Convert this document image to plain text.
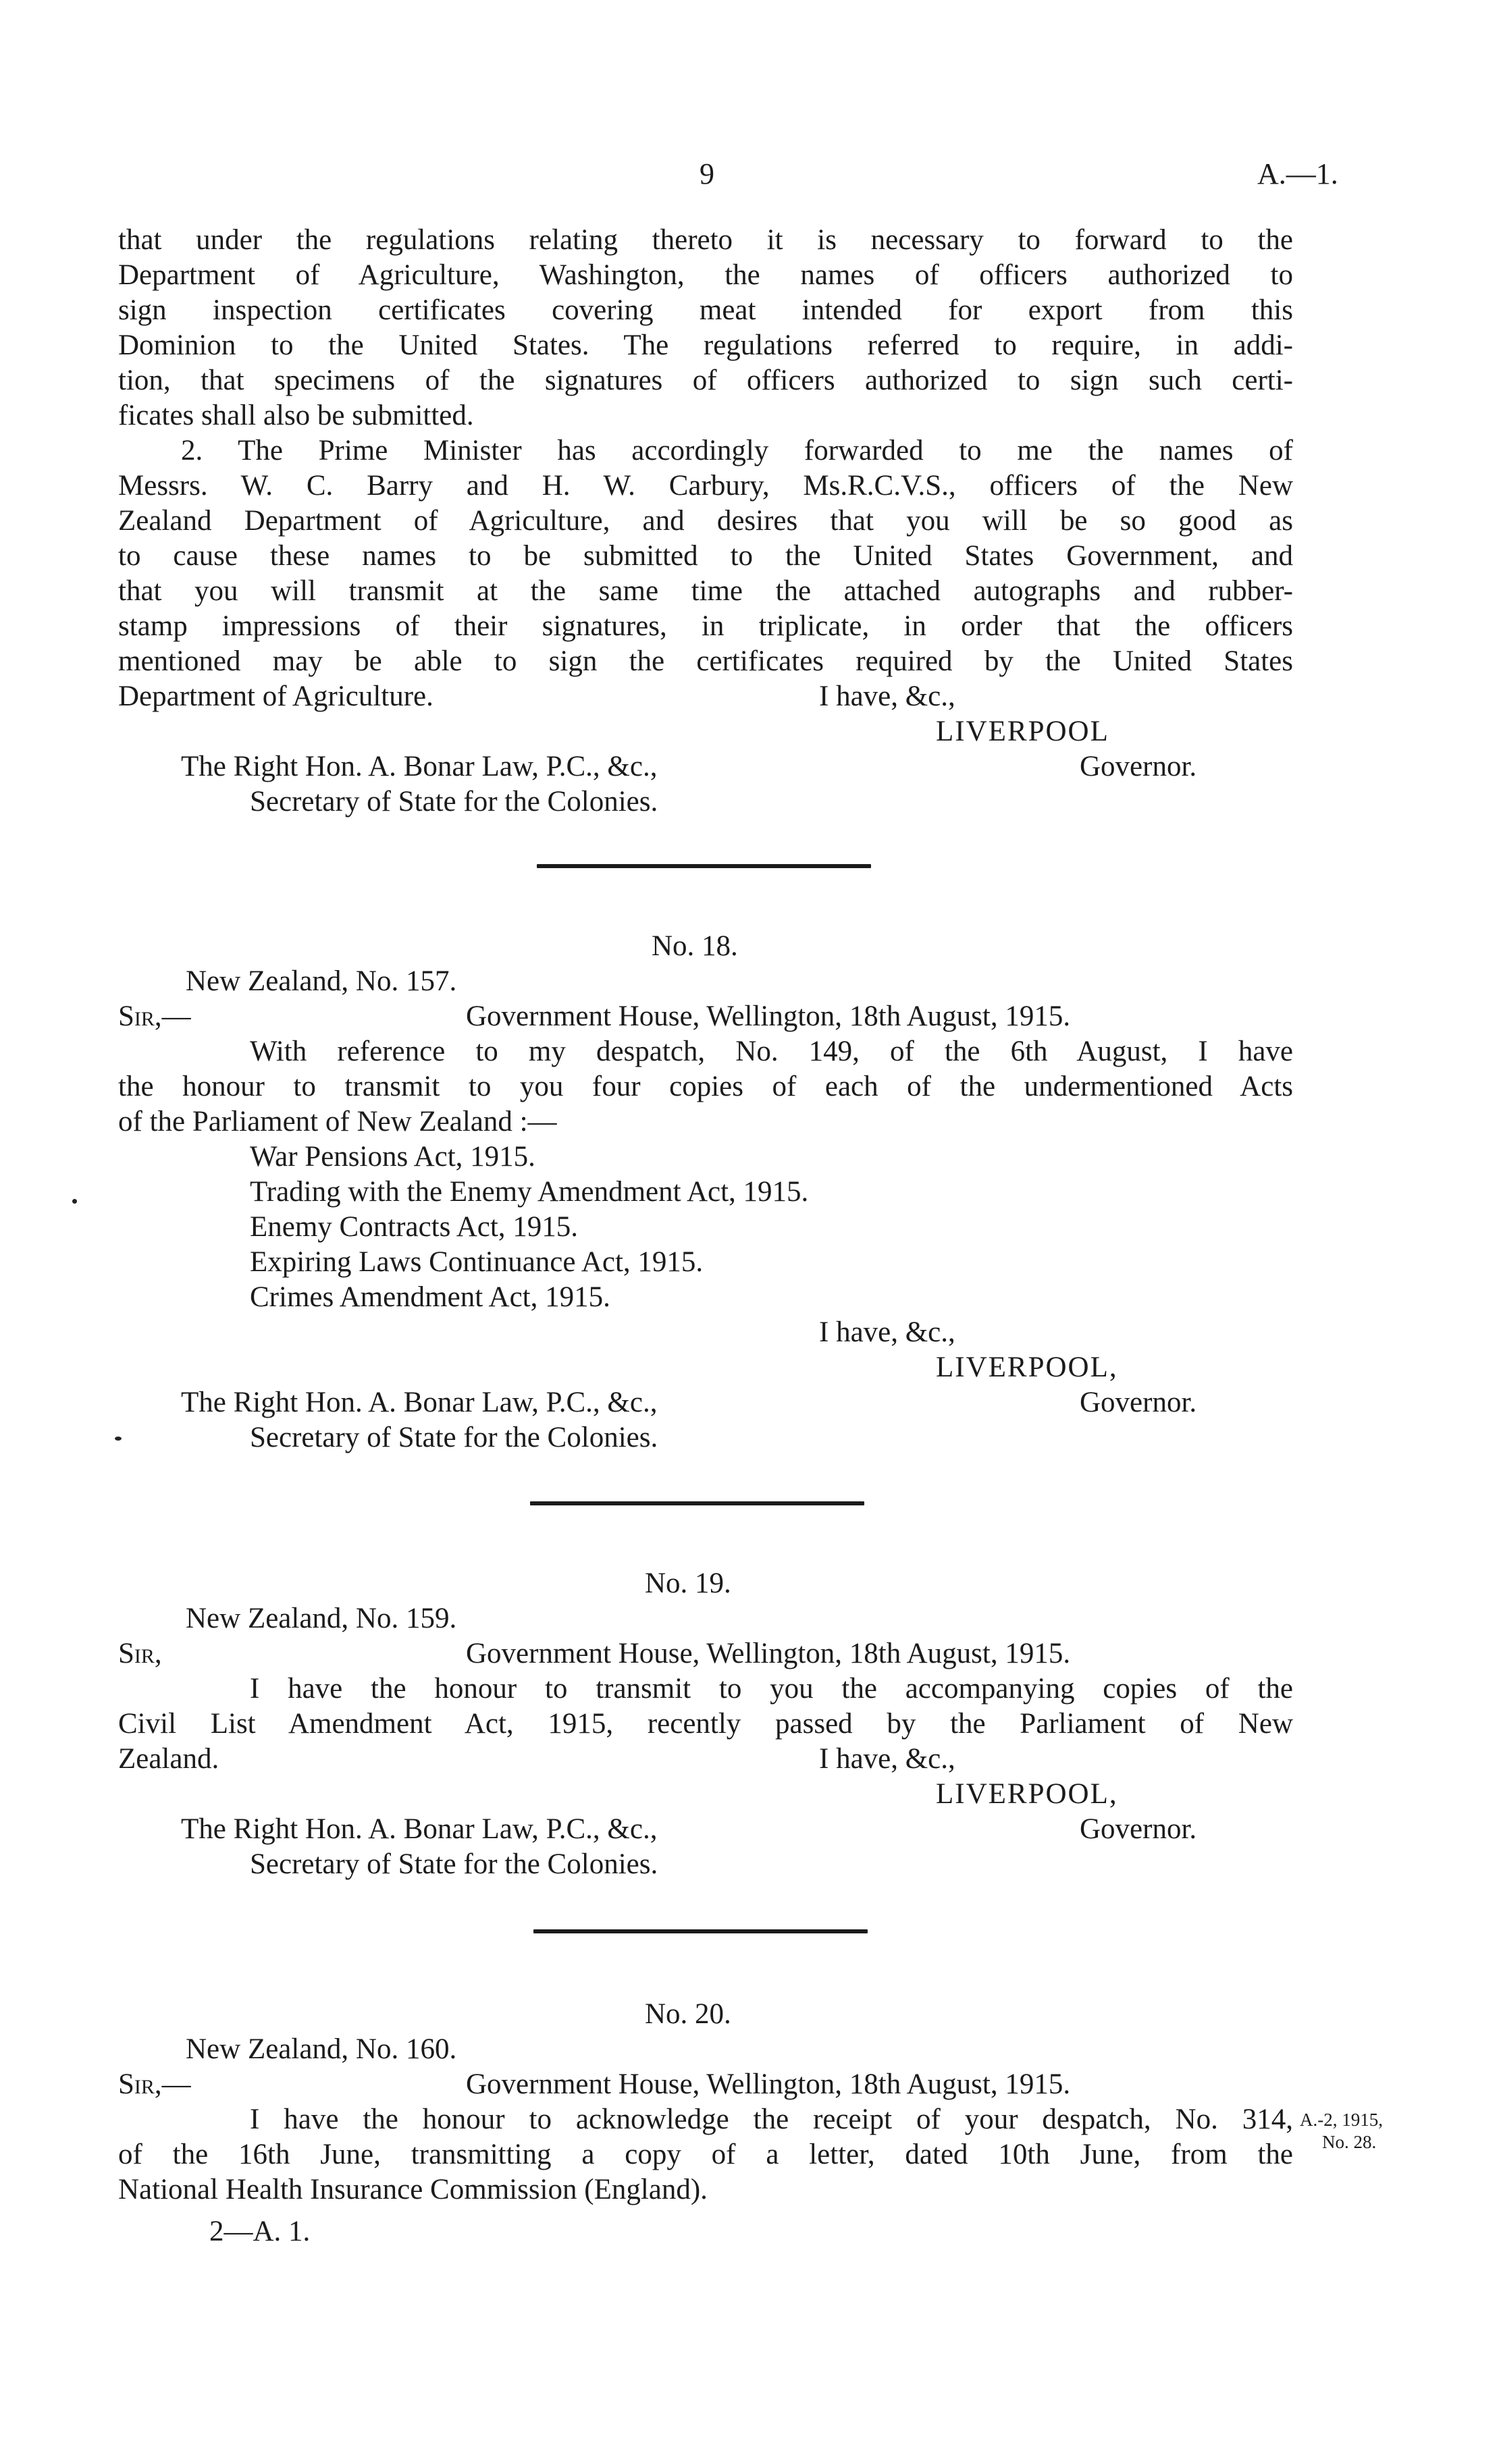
9	A.—1.
that under the regulations relating thereto it is necessary to forward to the
Department of Agriculture, Washington, the names of officers authorized to
sign inspection certificates covering meat intended for export from this
Dominion to the United States. The regulations referred to require, in addi-
tion, that specimens of the signatures of officers authorized to sign such certi-
ficates shall also be submitted.
2. The Prime Minister has accordingly forwarded to me the names of
Messrs. W. C. Barry and H. W. Carbury, Ms.R.C.V.S., officers of the New
Zealand Department of Agriculture, and desires that you will be so good as
to cause these names to be submitted to the United States Government, and
that you will transmit at the same time the attached autographs and rubber-
stamp impressions of their signatures, in triplicate, in order that the officers
mentioned may be able to sign the certificates required by the United States
Department of Agriculture.	I have, &c.,
LIVERPOOL
The Right Hon. A. Bonar Law, P.C., &c.,	Governor.
Secretary of State for the Colonies.
No. 18.
New Zealand, No. 157.
Sir,—	Government House, Wellington, 18th August, 1915.
With reference to my despatch, No. 149, of the 6th August, I have
the honour to transmit to you four copies of each of the undermentioned Acts
of the Parliament of New Zealand :—
War Pensions Act, 1915.
Trading with the Enemy Amendment Act, 1915.
Enemy Contracts Act, 1915.
Expiring Laws Continuance Act, 1915.
Crimes Amendment Act, 1915.
I have, &c.,
LIVERPOOL,
The Right Hon. A. Bonar Law, P.C., &c.,	Governor.
Secretary of State for the Colonies.
No. 19.
New Zealand, No. 159.
Sir,	Government House, Wellington, 18th August, 1915.
I have the honour to transmit to you the accompanying copies of the
Civil List Amendment Act, 1915, recently passed by the Parliament of New
Zealand.	I have, &c.,
LIVERPOOL,
The Right Hon. A. Bonar Law, P.C., &c.,	Governor.
Secretary of State for the Colonies.
No. 20.
New Zealand, No. 160.
Sir,—	Government House, Wellington, 18th August, 1915.
I have the honour to acknowledge the receipt of your despatch, No. 314,
of the 16th June, transmitting a copy of a letter, dated 10th June, from the
National Health Insurance Commission (England).
A.-2, 1915,
No. 28.
2—A. 1.
